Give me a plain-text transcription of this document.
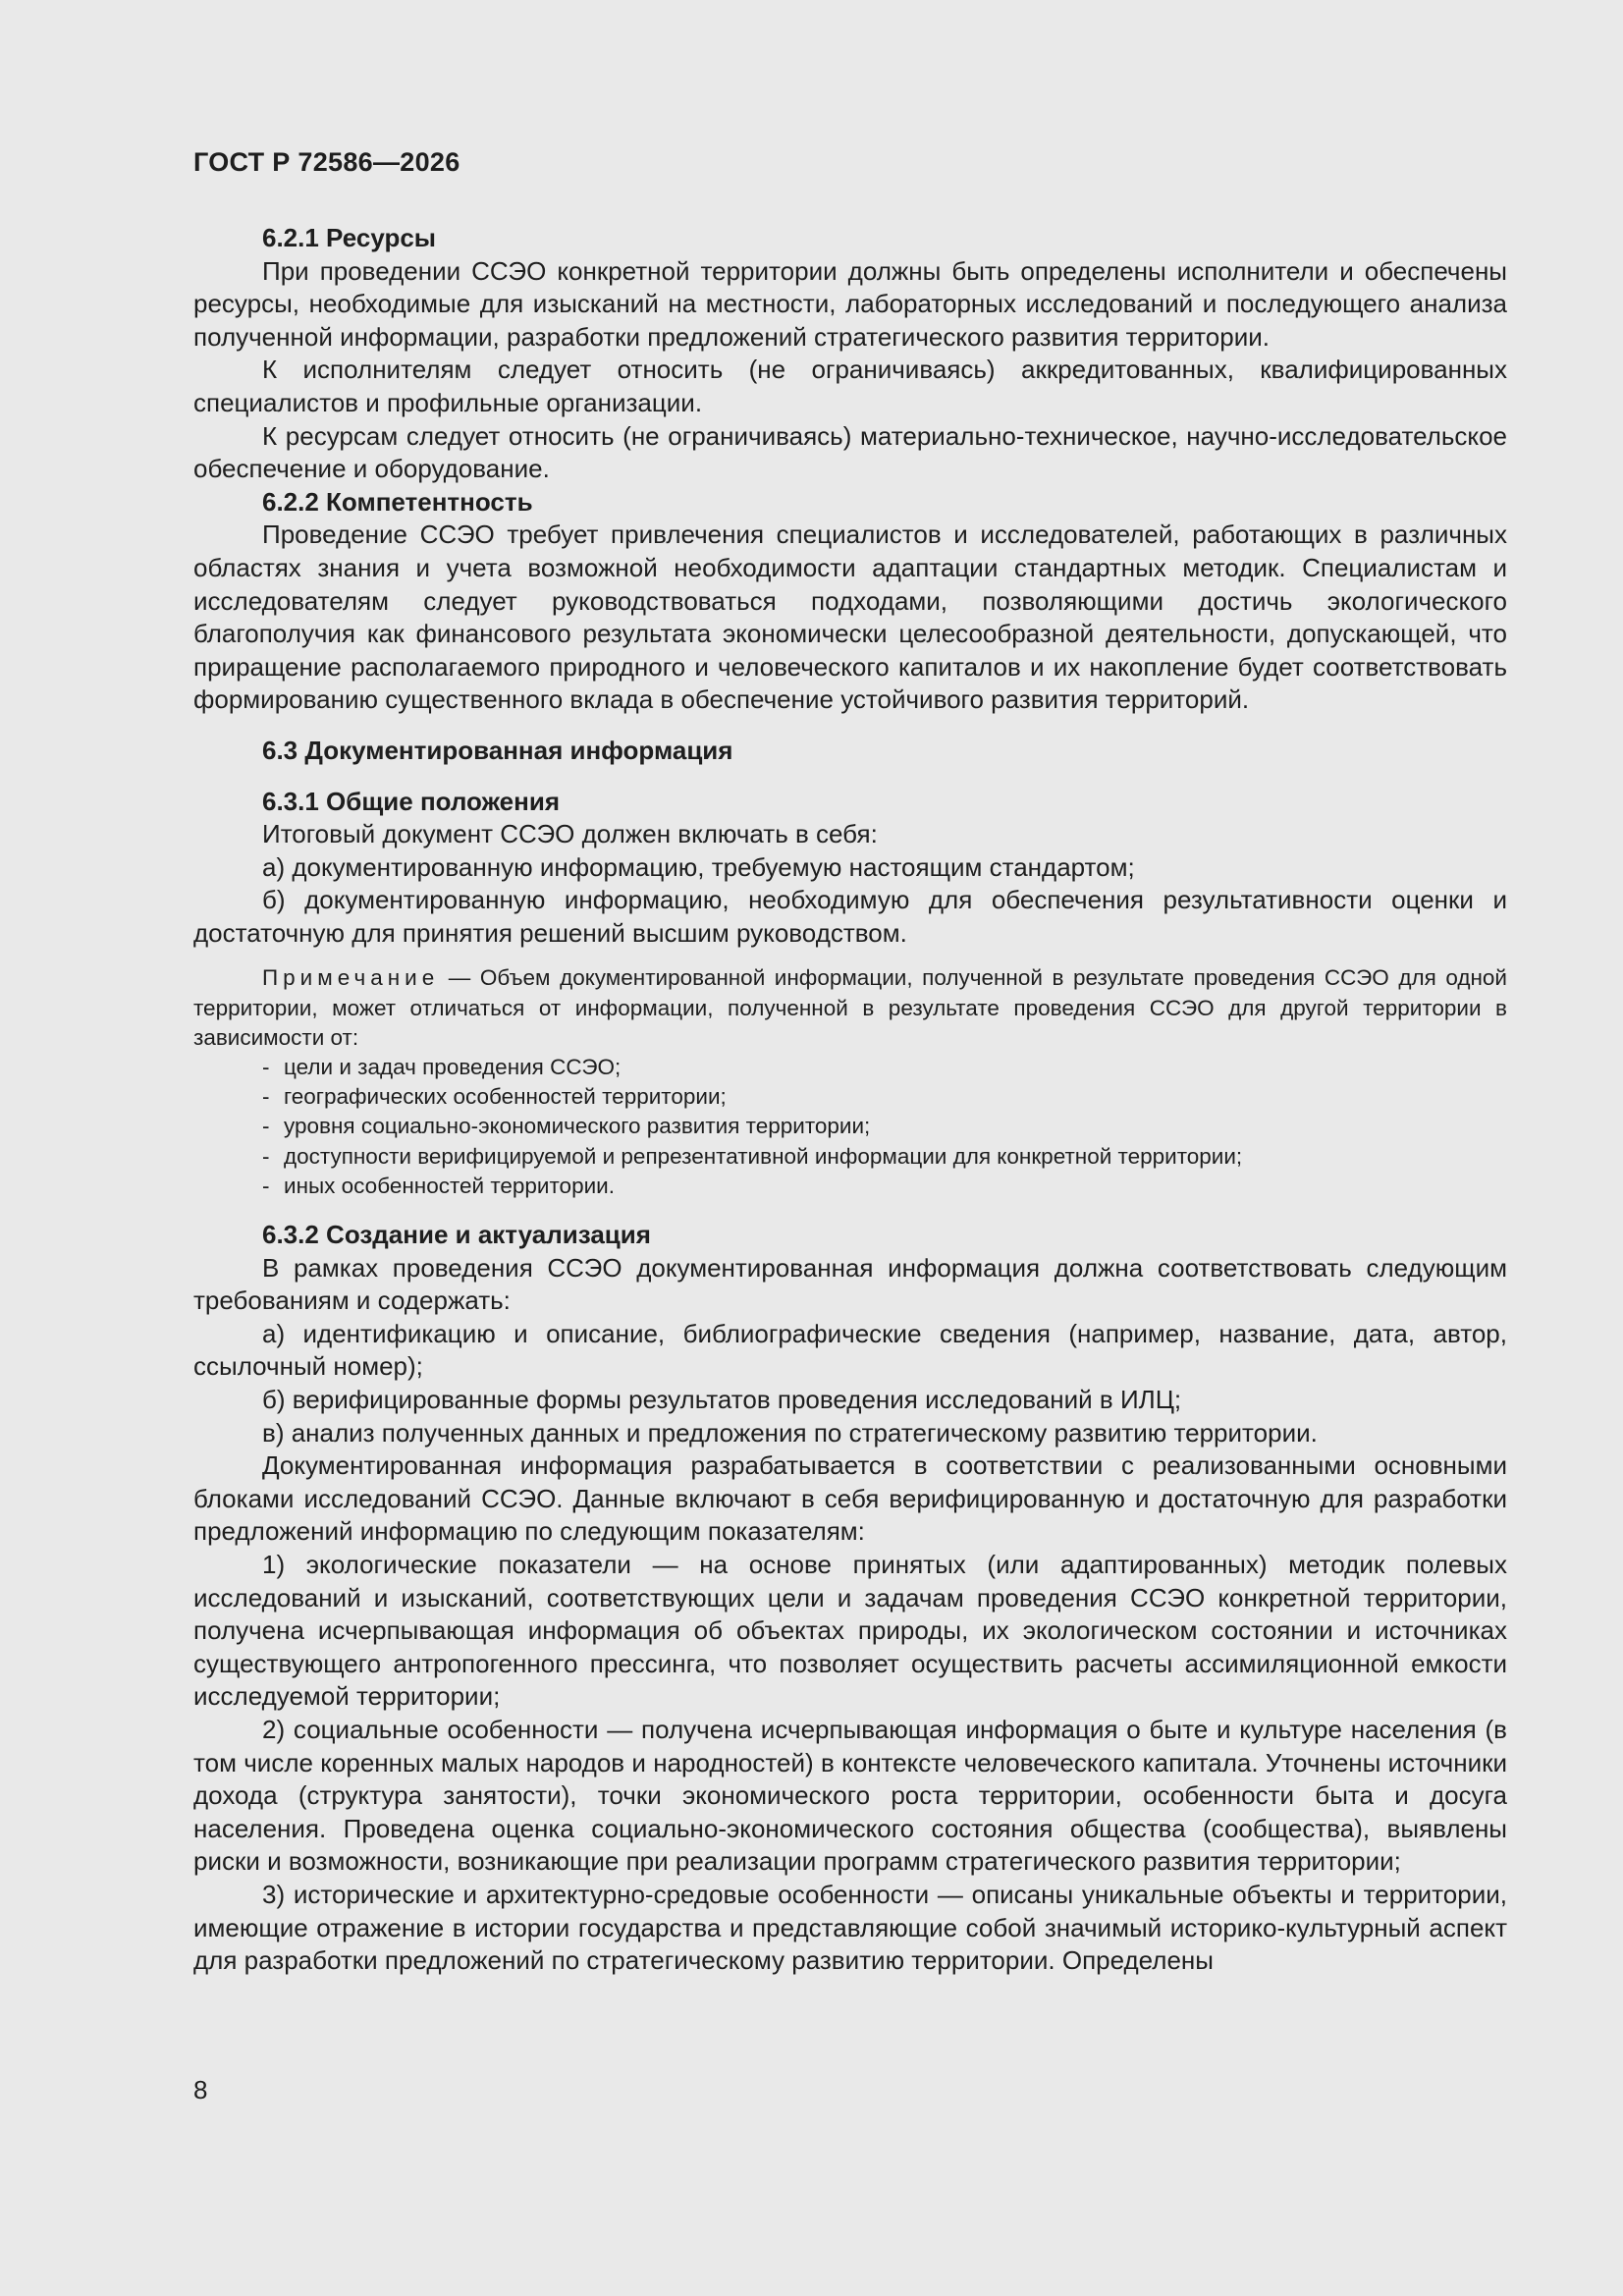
ГОСТ Р 72586—2026

6.2.1 Ресурсы

При проведении ССЭО конкретной территории должны быть определены исполнители и обеспечены ресурсы, необходимые для изысканий на местности, лабораторных исследований и последующего анализа полученной информации, разработки предложений стратегического развития территории.

К исполнителям следует относить (не ограничиваясь) аккредитованных, квалифицированных специалистов и профильные организации.

К ресурсам следует относить (не ограничиваясь) материально-техническое, научно-исследовательское обеспечение и оборудование.

6.2.2 Компетентность

Проведение ССЭО требует привлечения специалистов и исследователей, работающих в различных областях знания и учета возможной необходимости адаптации стандартных методик. Специалистам и исследователям следует руководствоваться подходами, позволяющими достичь экологического благополучия как финансового результата экономически целесообразной деятельности, допускающей, что приращение располагаемого природного и человеческого капиталов и их накопление будет соответствовать формированию существенного вклада в обеспечение устойчивого развития территорий.

6.3 Документированная информация

6.3.1 Общие положения

Итоговый документ ССЭО должен включать в себя:

а) документированную информацию, требуемую настоящим стандартом;

б) документированную информацию, необходимую для обеспечения результативности оценки и достаточную для принятия решений высшим руководством.

Примечание — Объем документированной информации, полученной в результате проведения ССЭО для одной территории, может отличаться от информации, полученной в результате проведения ССЭО для другой территории в зависимости от:

- цели и задач проведения ССЭО;
- географических особенностей территории;
- уровня социально-экономического развития территории;
- доступности верифицируемой и репрезентативной информации для конкретной территории;
- иных особенностей территории.

6.3.2 Создание и актуализация

В рамках проведения ССЭО документированная информация должна соответствовать следующим требованиям и содержать:

а) идентификацию и описание, библиографические сведения (например, название, дата, автор, ссылочный номер);

б) верифицированные формы результатов проведения исследований в ИЛЦ;

в) анализ полученных данных и предложения по стратегическому развитию территории.

Документированная информация разрабатывается в соответствии с реализованными основными блоками исследований ССЭО. Данные включают в себя верифицированную и достаточную для разработки предложений информацию по следующим показателям:

1) экологические показатели — на основе принятых (или адаптированных) методик полевых исследований и изысканий, соответствующих цели и задачам проведения ССЭО конкретной территории, получена исчерпывающая информация об объектах природы, их экологическом состоянии и источниках существующего антропогенного прессинга, что позволяет осуществить расчеты ассимиляционной емкости исследуемой территории;

2) социальные особенности — получена исчерпывающая информация о быте и культуре населения (в том числе коренных малых народов и народностей) в контексте человеческого капитала. Уточнены источники дохода (структура занятости), точки экономического роста территории, особенности быта и досуга населения. Проведена оценка социально-экономического состояния общества (сообщества), выявлены риски и возможности, возникающие при реализации программ стратегического развития территории;

3) исторические и архитектурно-средовые особенности — описаны уникальные объекты и территории, имеющие отражение в истории государства и представляющие собой значимый историко-культурный аспект для разработки предложений по стратегическому развитию территории. Определены

8
